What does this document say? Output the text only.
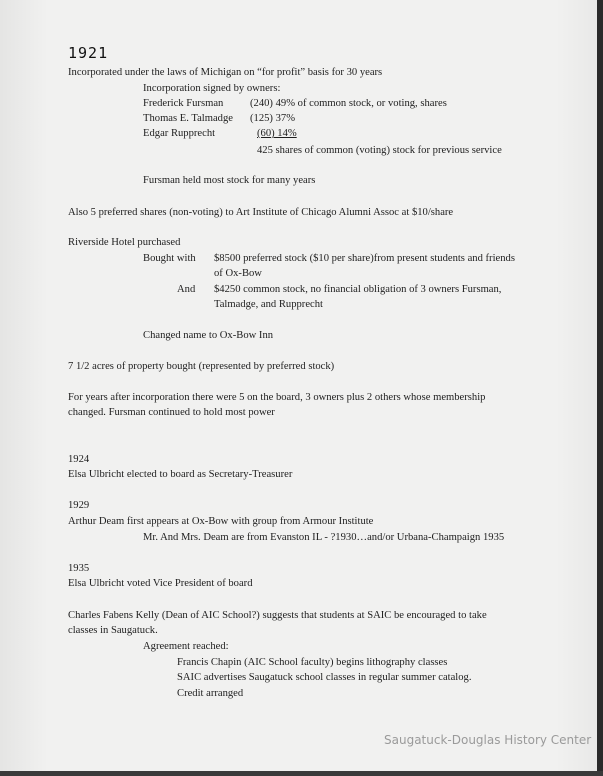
1921
Incorporated under the laws of Michigan on “for profit” basis for 30 years
Incorporation signed by owners:
Frederick Fursman	(240) 49% of common stock, or voting, shares
Thomas E. Talmadge (125) 37%
Edgar Rupprecht	(60) 14%
425 shares of common (voting) stock for previous service
Fursman held most stock for many years
Also 5 preferred shares (non-voting) to Art Institute of Chicago Alumni Assoc at $10/share
Riverside Hotel purchased
Bought with $8500 preferred stock ($10 per share)from present students and friends
of Ox-Bow
And $4250 common stock, no financial obligation of 3 owners Fursman,
Talmadge, and Rupprecht
Changed name to Ox-Bow Inn
7 1/2 acres of property bought (represented by preferred stock)
For years after incorporation there were 5 on the board, 3 owners plus 2 others whose membership
changed. Fursman continued to hold most power
1924
Elsa Ulbricht elected to board as Secretary-Treasurer
1929
Arthur Deam first appears at Ox-Bow with group from Armour Institute
Mr. And Mrs. Deam are from Evanston IL - ?1930…and/or Urbana-Champaign 1935
1935
Elsa Ulbricht voted Vice President of board
Charles Fabens Kelly (Dean of AIC School?) suggests that students at SAIC be encouraged to take
classes in Saugatuck.
Agreement reached:
Francis Chapin (AIC School faculty) begins lithography classes
SAIC advertises Saugatuck school classes in regular summer catalog.
Credit arranged
Saugatuck-Douglas History Center
